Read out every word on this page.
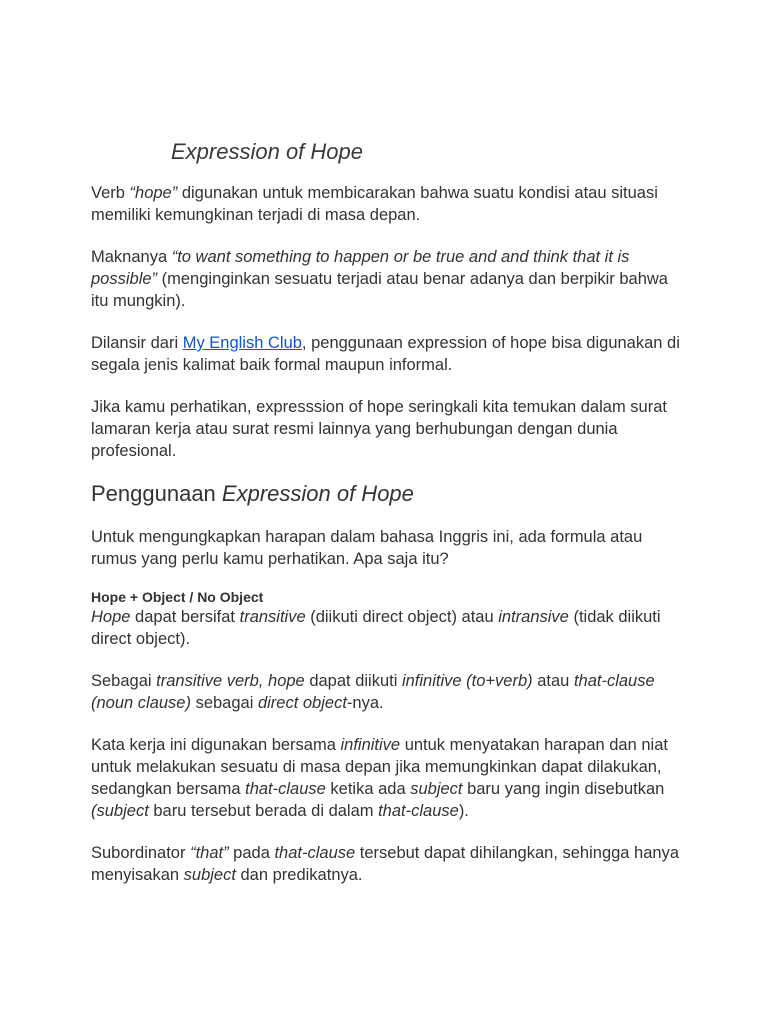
Expression of Hope

Verb “hope” digunakan untuk membicarakan bahwa suatu kondisi atau situasi memiliki kemungkinan terjadi di masa depan.

Maknanya “to want something to happen or be true and and think that it is possible” (menginginkan sesuatu terjadi atau benar adanya dan berpikir bahwa itu mungkin).

Dilansir dari My English Club, penggunaan expression of hope bisa digunakan di segala jenis kalimat baik formal maupun informal.

Jika kamu perhatikan, expresssion of hope seringkali kita temukan dalam surat lamaran kerja atau surat resmi lainnya yang berhubungan dengan dunia profesional.

Penggunaan Expression of Hope

Untuk mengungkapkan harapan dalam bahasa Inggris ini, ada formula atau rumus yang perlu kamu perhatikan. Apa saja itu?

Hope + Object / No Object

Hope dapat bersifat transitive (diikuti direct object) atau intransive (tidak diikuti direct object).

Sebagai transitive verb, hope dapat diikuti infinitive (to+verb) atau that-clause (noun clause) sebagai direct object-nya.

Kata kerja ini digunakan bersama infinitive untuk menyatakan harapan dan niat untuk melakukan sesuatu di masa depan jika memungkinkan dapat dilakukan, sedangkan bersama that-clause ketika ada subject baru yang ingin disebutkan (subject baru tersebut berada di dalam that-clause).

Subordinator “that” pada that-clause tersebut dapat dihilangkan, sehingga hanya menyisakan subject dan predikatnya.
